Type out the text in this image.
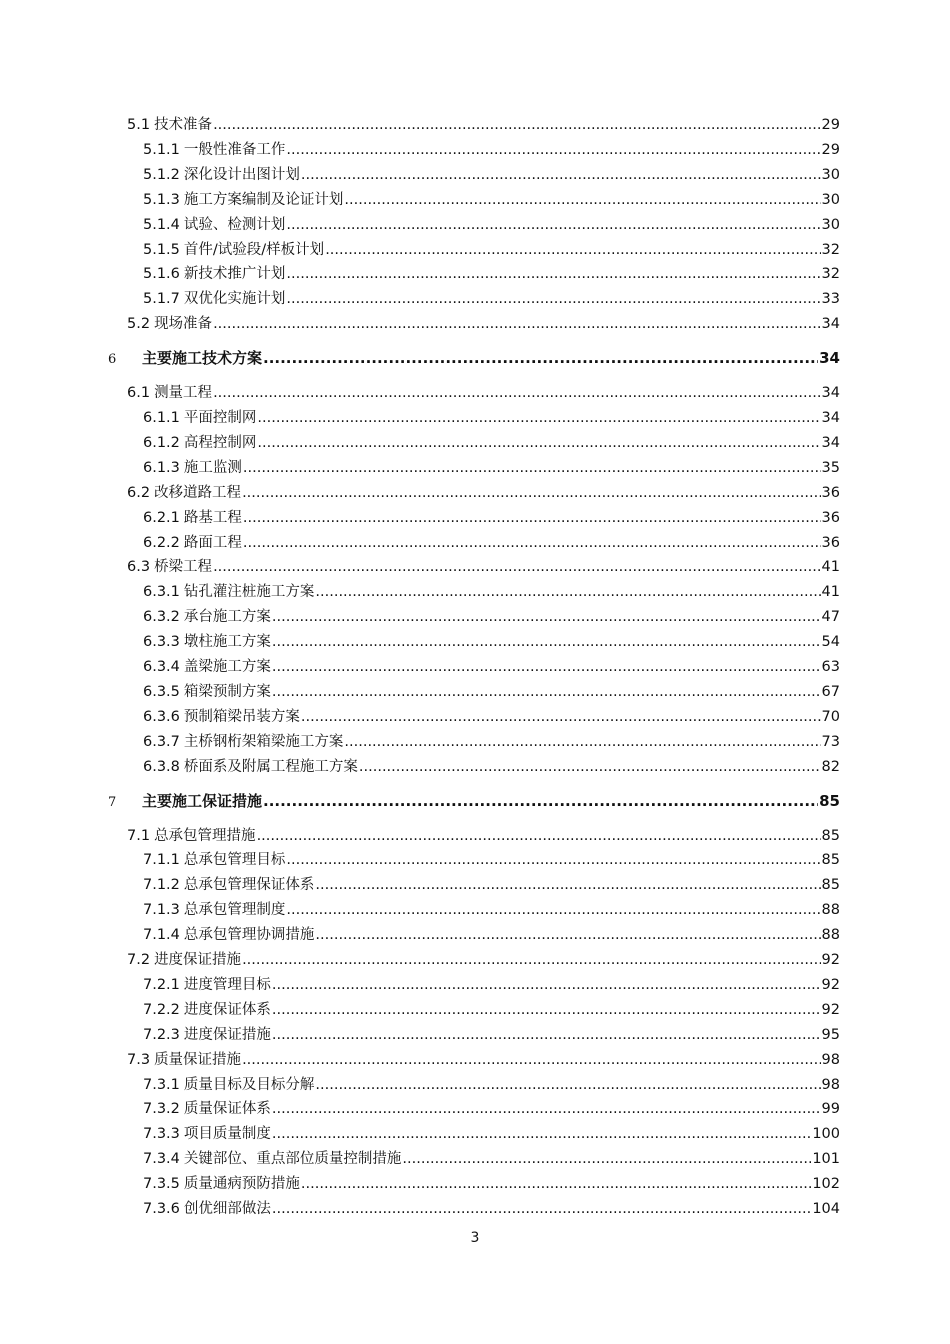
5.1 技术准备 .....	29
5.1.1 一般性准备工作 .....	29
5.1.2 深化设计出图计划 .....	30
5.1.3 施工方案编制及论证计划 .....	30
5.1.4 试验、检测计划 .....	30
5.1.5 首件/试验段/样板计划 .....	32
5.1.6 新技术推广计划 .....	32
5.1.7 双优化实施计划 .....	33
5.2 现场准备 .....	34
6	主要施工技术方案 .....	34
6.1 测量工程 .....	34
6.1.1 平面控制网 .....	34
6.1.2 高程控制网 .....	34
6.1.3 施工监测 .....	35
6.2 改移道路工程 .....	36
6.2.1 路基工程 .....	36
6.2.2 路面工程 .....	36
6.3 桥梁工程 .....	41
6.3.1 钻孔灌注桩施工方案 .....	41
6.3.2 承台施工方案 .....	47
6.3.3 墩柱施工方案 .....	54
6.3.4 盖梁施工方案 .....	63
6.3.5 箱梁预制方案 .....	67
6.3.6 预制箱梁吊装方案 .....	70
6.3.7 主桥钢桁架箱梁施工方案 .....	73
6.3.8 桥面系及附属工程施工方案 .....	82
7	主要施工保证措施 .....	85
7.1 总承包管理措施 .....	85
7.1.1 总承包管理目标 .....	85
7.1.2 总承包管理保证体系 .....	85
7.1.3 总承包管理制度 .....	88
7.1.4 总承包管理协调措施 .....	88
7.2 进度保证措施 .....	92
7.2.1 进度管理目标 .....	92
7.2.2 进度保证体系 .....	92
7.2.3 进度保证措施 .....	95
7.3 质量保证措施 .....	98
7.3.1 质量目标及目标分解 .....	98
7.3.2 质量保证体系 .....	99
7.3.3 项目质量制度 .....	100
7.3.4 关键部位、重点部位质量控制措施 .....	101
7.3.5 质量通病预防措施 .....	102
7.3.6 创优细部做法 .....	104
3
